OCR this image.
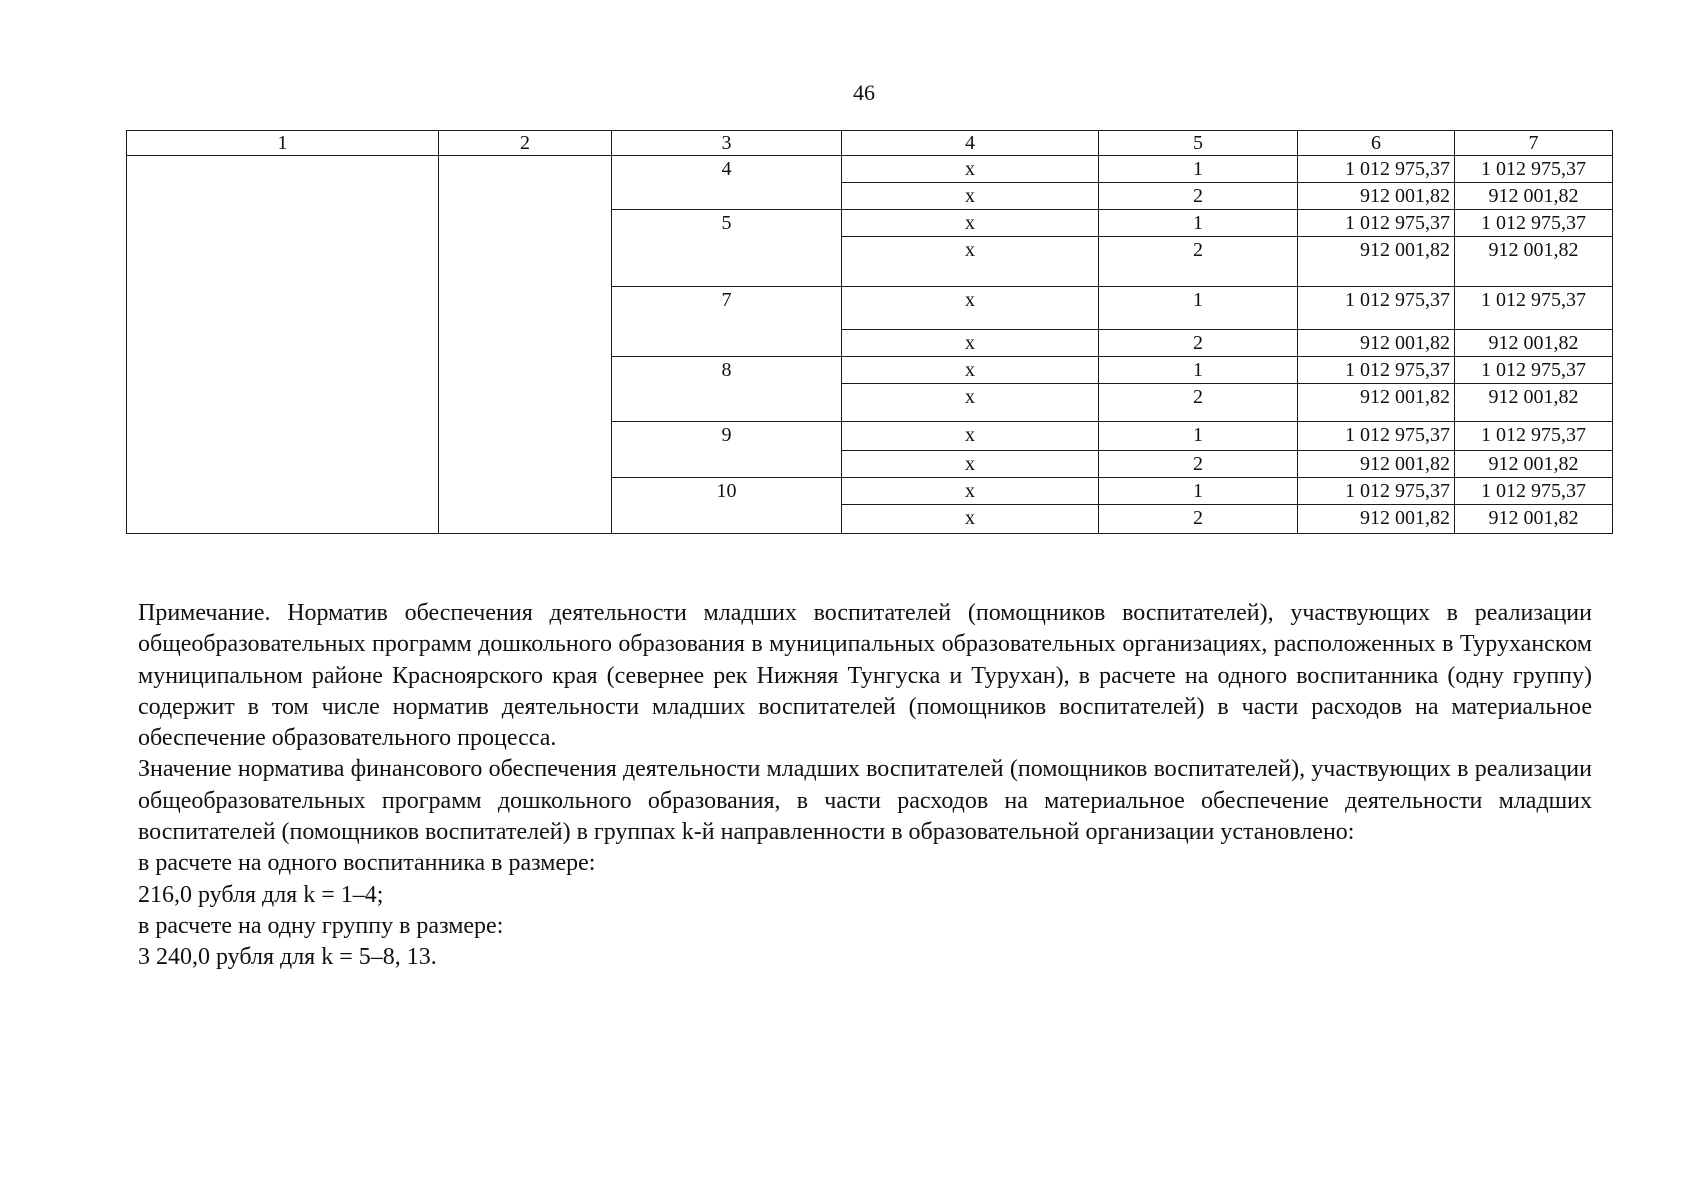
46
1	2	3	4	5	6	7
		4	x	1	1 012 975,37	1 012 975,37
			x	2	912 001,82	912 001,82
		5	x	1	1 012 975,37	1 012 975,37
			x	2	912 001,82	912 001,82
		7	x	1	1 012 975,37	1 012 975,37
			x	2	912 001,82	912 001,82
		8	x	1	1 012 975,37	1 012 975,37
			x	2	912 001,82	912 001,82
		9	x	1	1 012 975,37	1 012 975,37
			x	2	912 001,82	912 001,82
		10	x	1	1 012 975,37	1 012 975,37
			x	2	912 001,82	912 001,82

Примечание. Норматив обеспечения деятельности младших воспитателей (помощников воспитателей), участвующих в реализации общеобразовательных программ дошкольного образования в муниципальных образовательных организациях, расположенных в Туруханском муниципальном районе Красноярского края (севернее рек Нижняя Тунгуска и Турухан), в расчете на одного воспитанника (одну группу) содержит в том числе норматив деятельности младших воспитателей (помощников воспитателей) в части расходов на материальное обеспечение образовательного процесса.

Значение норматива финансового обеспечения деятельности младших воспитателей (помощников воспитателей), участвующих в реализации общеобразовательных программ дошкольного образования, в части расходов на материальное обеспечение деятельности младших воспитателей (помощников воспитателей) в группах k-й направленности в образовательной организации установлено:

в расчете на одного воспитанника в размере:

216,0 рубля для k = 1–4;

в расчете на одну группу в размере:

3 240,0 рубля для k = 5–8, 13.
